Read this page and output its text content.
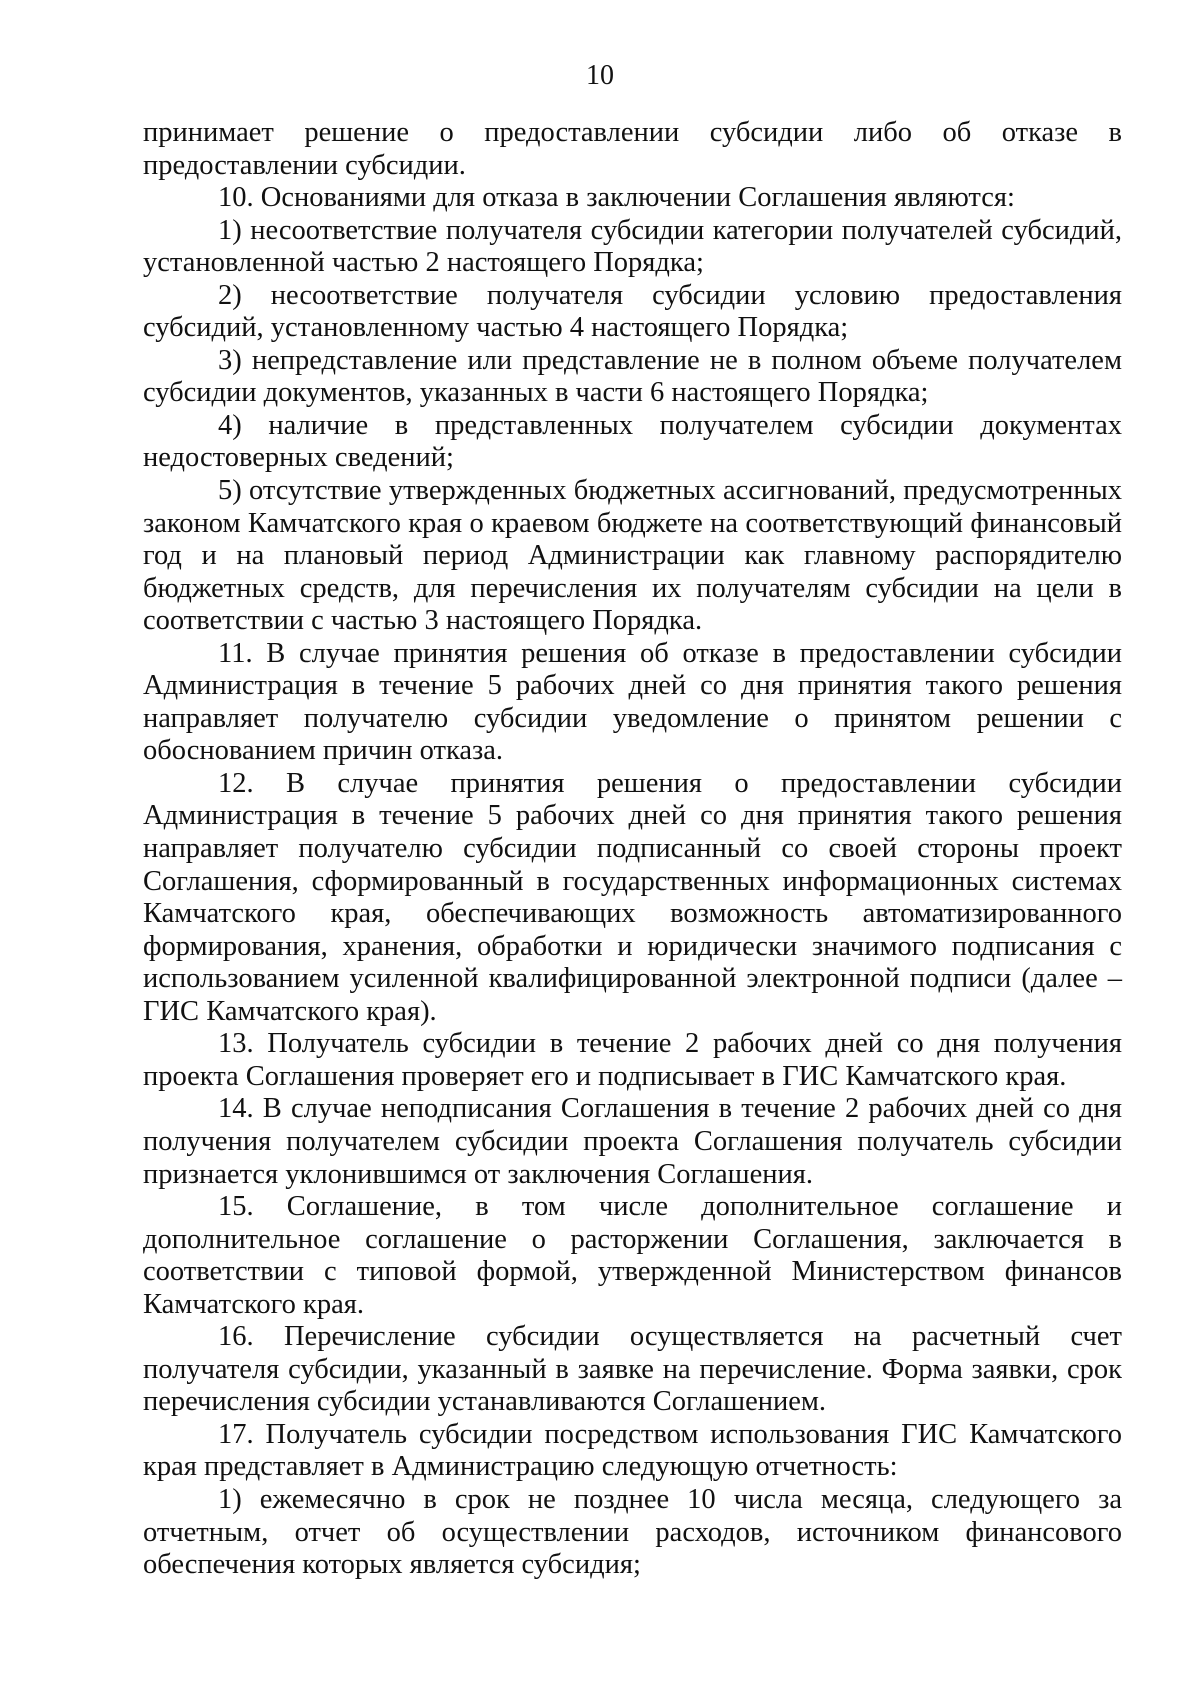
10

принимает решение о предоставлении субсидии либо об отказе в предоставлении субсидии.

10. Основаниями для отказа в заключении Соглашения являются:

1) несоответствие получателя субсидии категории получателей субсидий, установленной частью 2 настоящего Порядка;

2) несоответствие получателя субсидии условию предоставления субсидий, установленному частью 4 настоящего Порядка;

3) непредставление или представление не в полном объеме получателем субсидии документов, указанных в части 6 настоящего Порядка;

4) наличие в представленных получателем субсидии документах недостоверных сведений;

5) отсутствие утвержденных бюджетных ассигнований, предусмотренных законом Камчатского края о краевом бюджете на соответствующий финансовый год и на плановый период Администрации как главному распорядителю бюджетных средств, для перечисления их получателям субсидии на цели в соответствии с частью 3 настоящего Порядка.

11. В случае принятия решения об отказе в предоставлении субсидии Администрация в течение 5 рабочих дней со дня принятия такого решения направляет получателю субсидии уведомление о принятом решении с обоснованием причин отказа.

12. В случае принятия решения о предоставлении субсидии Администрация в течение 5 рабочих дней со дня принятия такого решения направляет получателю субсидии подписанный со своей стороны проект Соглашения, сформированный в государственных информационных системах Камчатского края, обеспечивающих возможность автоматизированного формирования, хранения, обработки и юридически значимого подписания с использованием усиленной квалифицированной электронной подписи (далее – ГИС Камчатского края).

13. Получатель субсидии в течение 2 рабочих дней со дня получения проекта Соглашения проверяет его и подписывает в ГИС Камчатского края.

14. В случае неподписания Соглашения в течение 2 рабочих дней со дня получения получателем субсидии проекта Соглашения получатель субсидии признается уклонившимся от заключения Соглашения.

15. Соглашение, в том числе дополнительное соглашение и дополнительное соглашение о расторжении Соглашения, заключается в соответствии с типовой формой, утвержденной Министерством финансов Камчатского края.

16. Перечисление субсидии осуществляется на расчетный счет получателя субсидии, указанный в заявке на перечисление. Форма заявки, срок перечисления субсидии устанавливаются Соглашением.

17. Получатель субсидии посредством использования ГИС Камчатского края представляет в Администрацию следующую отчетность:

1) ежемесячно в срок не позднее 10 числа месяца, следующего за отчетным, отчет об осуществлении расходов, источником финансового обеспечения которых является субсидия;
